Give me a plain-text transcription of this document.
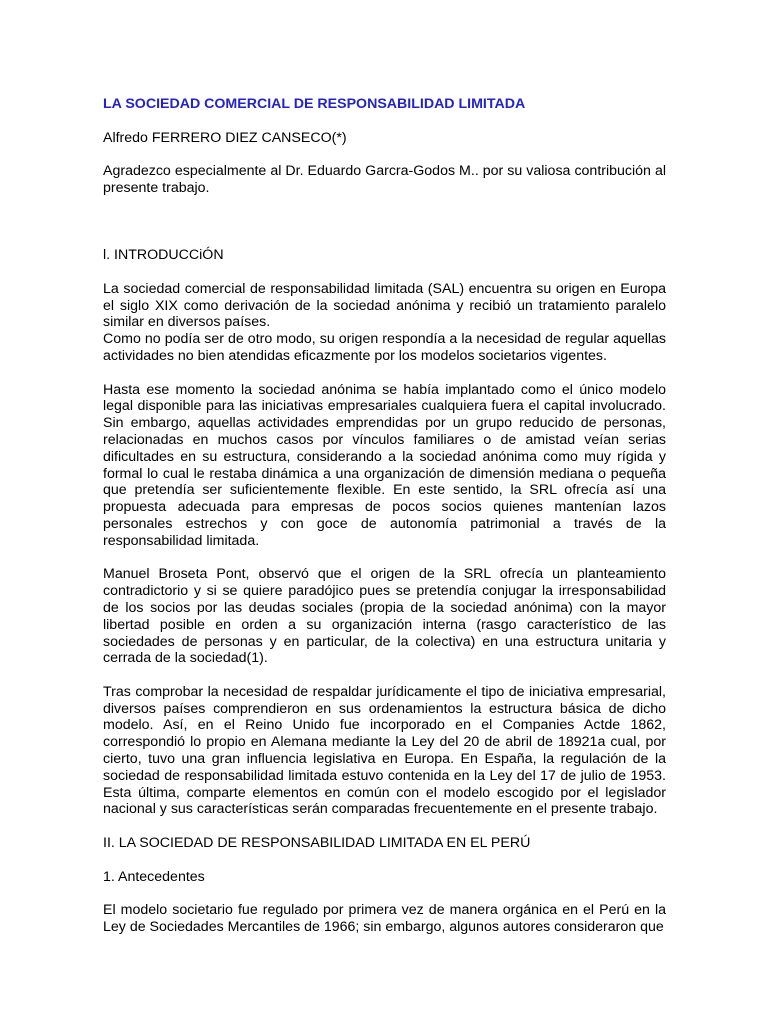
LA SOCIEDAD COMERCIAL DE RESPONSABILIDAD LIMITADA

Alfredo FERRERO DIEZ CANSECO(*)

Agradezco especialmente al Dr. Eduardo Garcra-Godos M.. por su valiosa contribución al presente trabajo.

l. INTRODUCCiÓN

La sociedad comercial de responsabilidad limitada (SAL) encuentra su origen en Europa el siglo XIX como derivación de la sociedad anónima y recibió un tratamiento paralelo similar en diversos países.

Como no podía ser de otro modo, su origen respondía a la necesidad de regular aquellas actividades no bien atendidas eficazmente por los modelos societarios vigentes.

Hasta ese momento la sociedad anónima se había implantado como el único modelo legal disponible para las iniciativas empresariales cualquiera fuera el capital involucrado. Sin embargo, aquellas actividades emprendidas por un grupo reducido de personas, relacionadas en muchos casos por vínculos familiares o de amistad veían serias dificultades en su estructura, considerando a la sociedad anónima como muy rígida y formal lo cual le restaba dinámica a una organización de dimensión mediana o pequeña que pretendía ser suficientemente flexible. En este sentido, la SRL ofrecía así una propuesta adecuada para empresas de pocos socios quienes mantenían lazos personales estrechos y con goce de autonomía patrimonial a través de la responsabilidad limitada.

Manuel Broseta Pont, observó que el origen de la SRL ofrecía un planteamiento contradictorio y si se quiere paradójico pues se pretendía conjugar la irresponsabilidad de los socios por las deudas sociales (propia de la sociedad anónima) con la mayor libertad posible en orden a su organización interna (rasgo característico de las sociedades de personas y en particular, de la colectiva) en una estructura unitaria y cerrada de la sociedad(1).

Tras comprobar la necesidad de respaldar jurídicamente el tipo de iniciativa empresarial, diversos países comprendieron en sus ordenamientos la estructura básica de dicho modelo. Así, en el Reino Unido fue incorporado en el Companies Actde 1862, correspondió lo propio en Alemana mediante la Ley del 20 de abril de 18921a cual, por cierto, tuvo una gran influencia legislativa en Europa. En España, la regulación de la sociedad de responsabilidad limitada estuvo contenida en la Ley del 17 de julio de 1953. Esta última, comparte elementos en común con el modelo escogido por el legislador nacional y sus características serán comparadas frecuentemente en el presente trabajo.

II. LA SOCIEDAD DE RESPONSABILIDAD LIMITADA EN EL PERÚ

1. Antecedentes

El modelo societario fue regulado por primera vez de manera orgánica en el Perú en la Ley de Sociedades Mercantiles de 1966; sin embargo, algunos autores consideraron que
